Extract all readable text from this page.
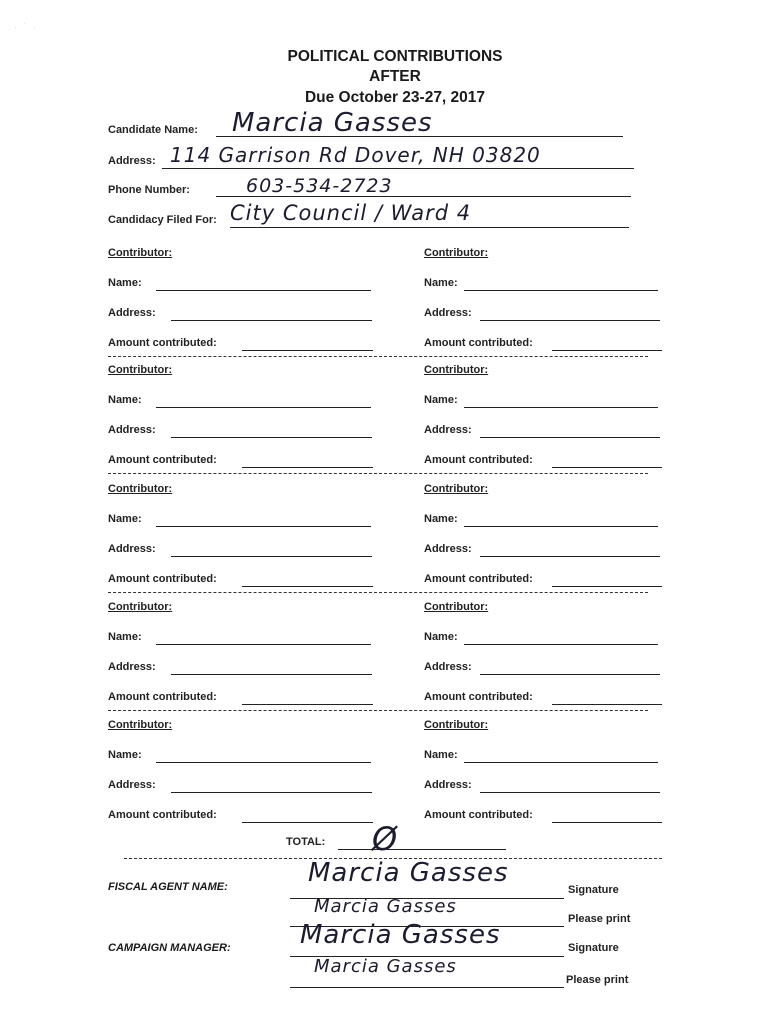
· ˙ ·
POLITICAL CONTRIBUTIONS
AFTER
Due October 23-27, 2017
Candidate Name: Marcia Gasses
Address: 114 Garrison Rd Dover, NH 03820
Phone Number:	603-534-2723
Candidacy Filed For: City Council / Ward 4
Contributor:
Name:
Address:
Amount contributed:
Contributor:
Name:
Address:
Amount contributed:
Contributor:
Name:
Address:
Amount contributed:
Contributor:
Name:
Address:
Amount contributed:
Contributor:
Name:
Address:
Amount contributed:
Contributor:
Name:
Address:
Amount contributed:
Contributor:
Name:
Address:
Amount contributed:
Contributor:
Name:
Address:
Amount contributed:
Contributor:
Name:
Address:
Amount contributed:
Contributor:
Name:
Address:
Amount contributed:
TOTAL: Ø
FISCAL AGENT NAME:	Marcia Gasses
Signature
Marcia Gasses
Please print
CAMPAIGN MANAGER:	Marcia Gasses	Signature
Marcia Gasses
Please print
